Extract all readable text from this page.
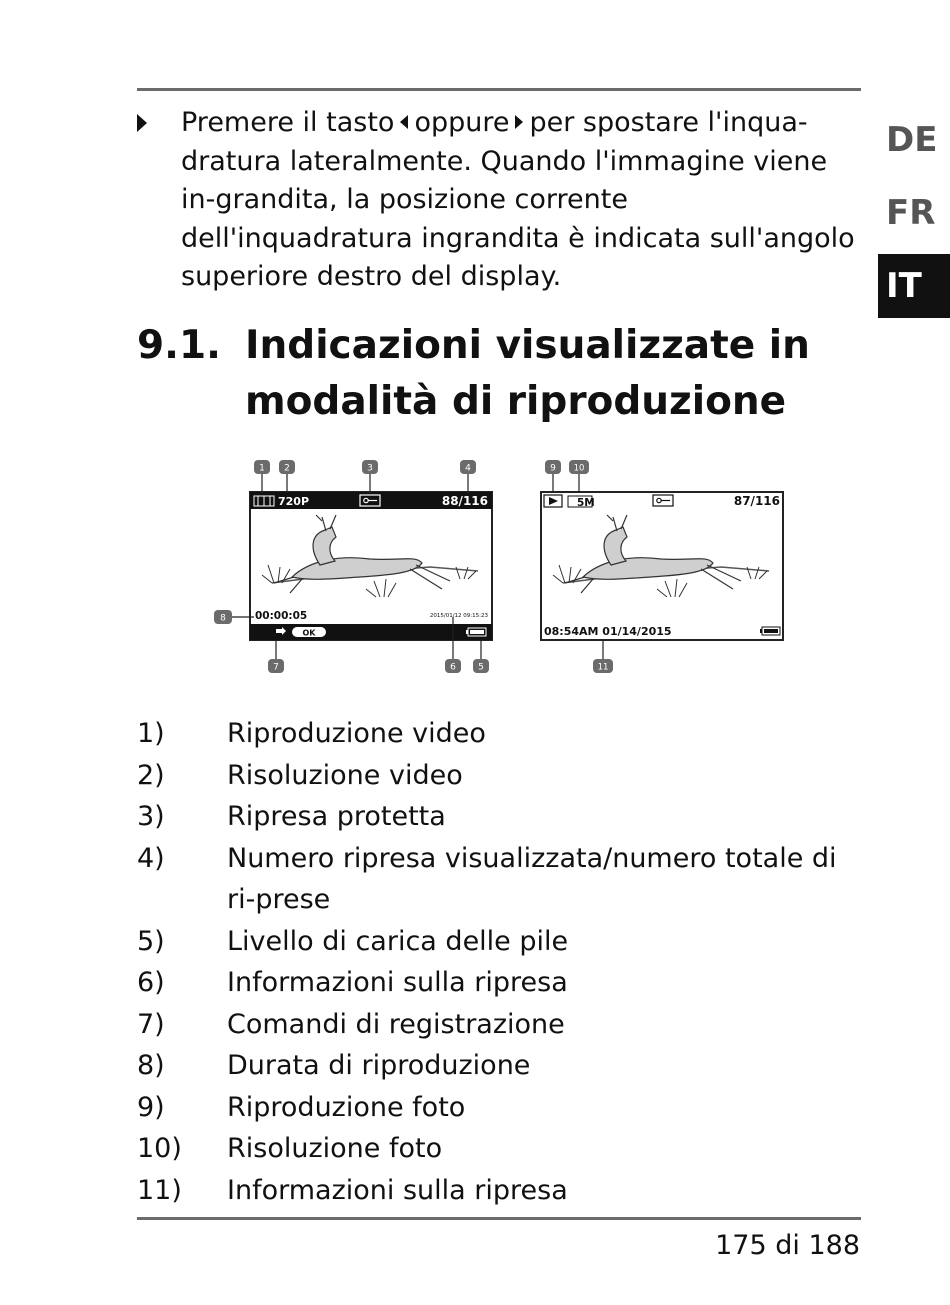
DE
FR
IT
Premere il tasto oppure per spostare l'inqua- dratura lateralmente. Quando l'immagine viene in-grandita, la posizione corrente dell'inquadratura ingrandita è indicata sull'angolo superiore destro del display.
9.1. Indicazioni visualizzate in modalità di riproduzione
720P	88/116
00:00:05	2015/01/12 09:15:23
OK
5M	87/116
08:54AM 01/14/2015
1 2	3	4
5
6
7
8
9 10
11
1) Riproduzione video
2) Risoluzione video
3) Ripresa protetta
4) Numero ripresa visualizzata/numero totale di ri-prese
5) Livello di carica delle pile
6) Informazioni sulla ripresa
7) Comandi di registrazione
8) Durata di riproduzione
9) Riproduzione foto
10) Risoluzione foto
11) Informazioni sulla ripresa
175 di 188
